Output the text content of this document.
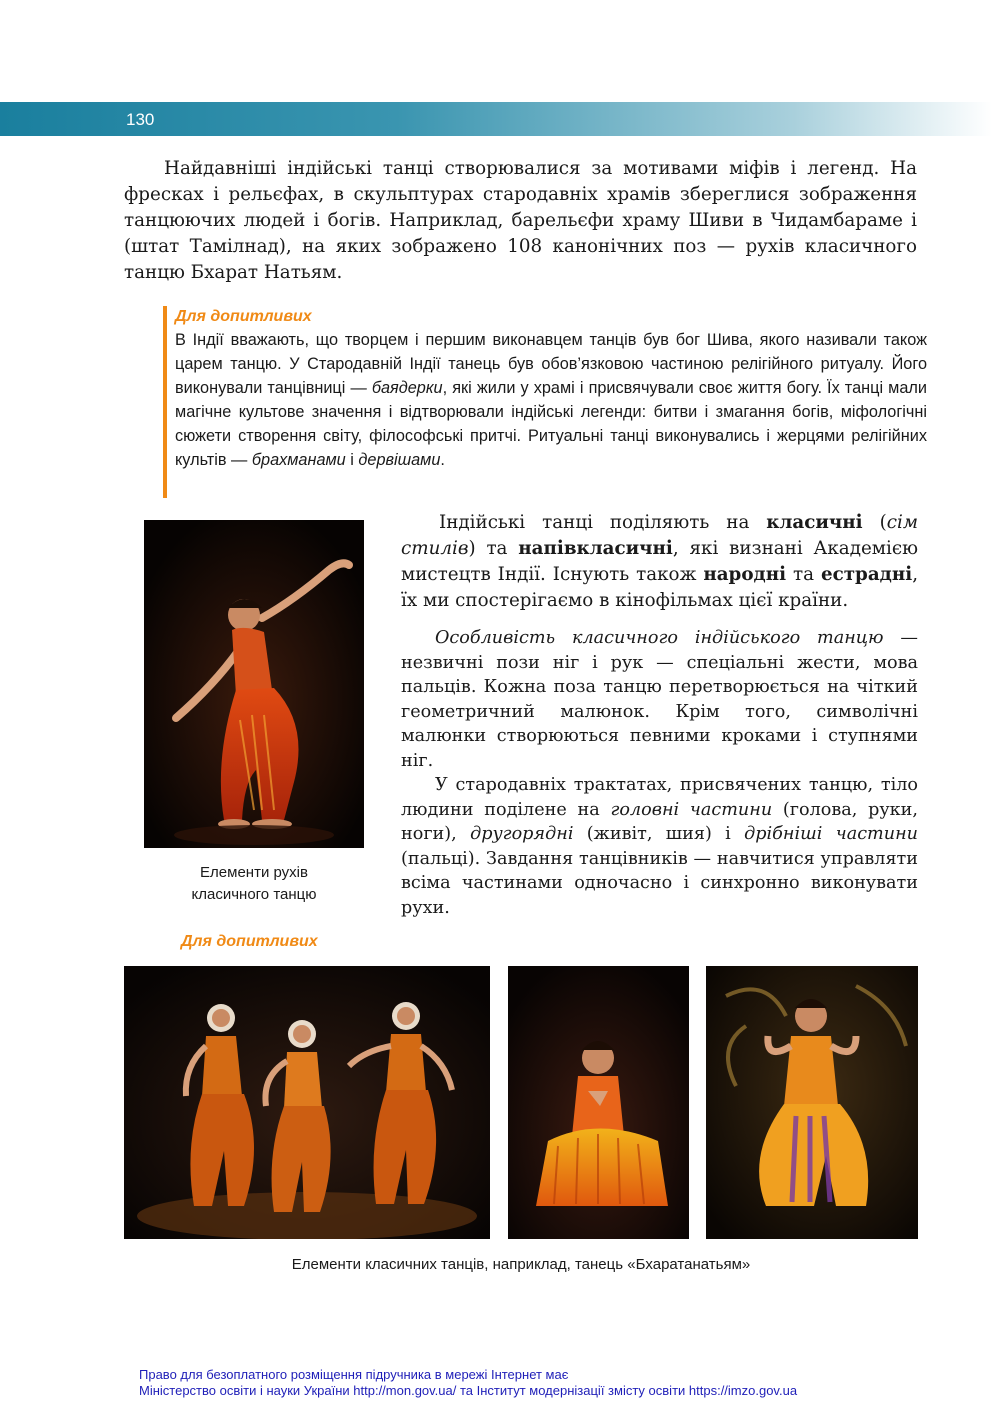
130

Найдавніші індійські танці створювалися за мотивами міфів і легенд. На фресках і рельєфах, в скульптурах стародавніх храмів збереглися зображення танцюючих людей і богів. Наприклад, барельєфи храму Шиви в Чидамбараме і (штат Тамілнад), на яких зображено 108 канонічних поз — рухів класичного танцю Бхарат Натьям.

Для допитливих

В Індії вважають, що творцем і першим виконавцем танців був бог Шива, якого називали також царем танцю. У Стародавній Індії танець був обов’язковою частиною релігійного ритуалу. Його виконували танцівниці — баядерки, які жили у храмі і присвячували своє життя богу. Їх танці мали магічне культове значення і відтворювали індійські легенди: битви і змагання богів, міфологічні сюжети створення світу, філософські притчі. Ритуальні танці виконувались і жерцями релігійних культів — брахманами і дервішами.

Елементи рухів
класичного танцю

Індійські танці поділяють на класичні (сім стилів) та напівкласичні, які визнані Академією мистецтв Індії. Існують також народні та естрадні, їх ми спостерігаємо в кінофільмах цієї країни.

Особливість класичного індійського танцю — незвичні пози ніг і рук — спеціальні жести, мова пальців. Кожна поза танцю перетворюється на чіткий геометричний малюнок. Крім того, символічні малюнки створюються певними кроками і ступнями ніг.

У стародавніх трактатах, присвячених танцю, тіло людини поділене на головні частини (голова, руки, ноги), другорядні (живіт, шия) і дрібніші частини (пальці). Завдання танцівників — навчитися управляти всіма частинами одночасно і синхронно виконувати рухи.

Для допитливих
Елементи класичних танців, наприклад, танець «Бхаратанатьям»
Право для безоплатного розміщення підручника в мережі Інтернет має
Міністерство освіти і науки України http://mon.gov.ua/ та Інститут модернізації змісту освіти https://imzo.gov.ua
